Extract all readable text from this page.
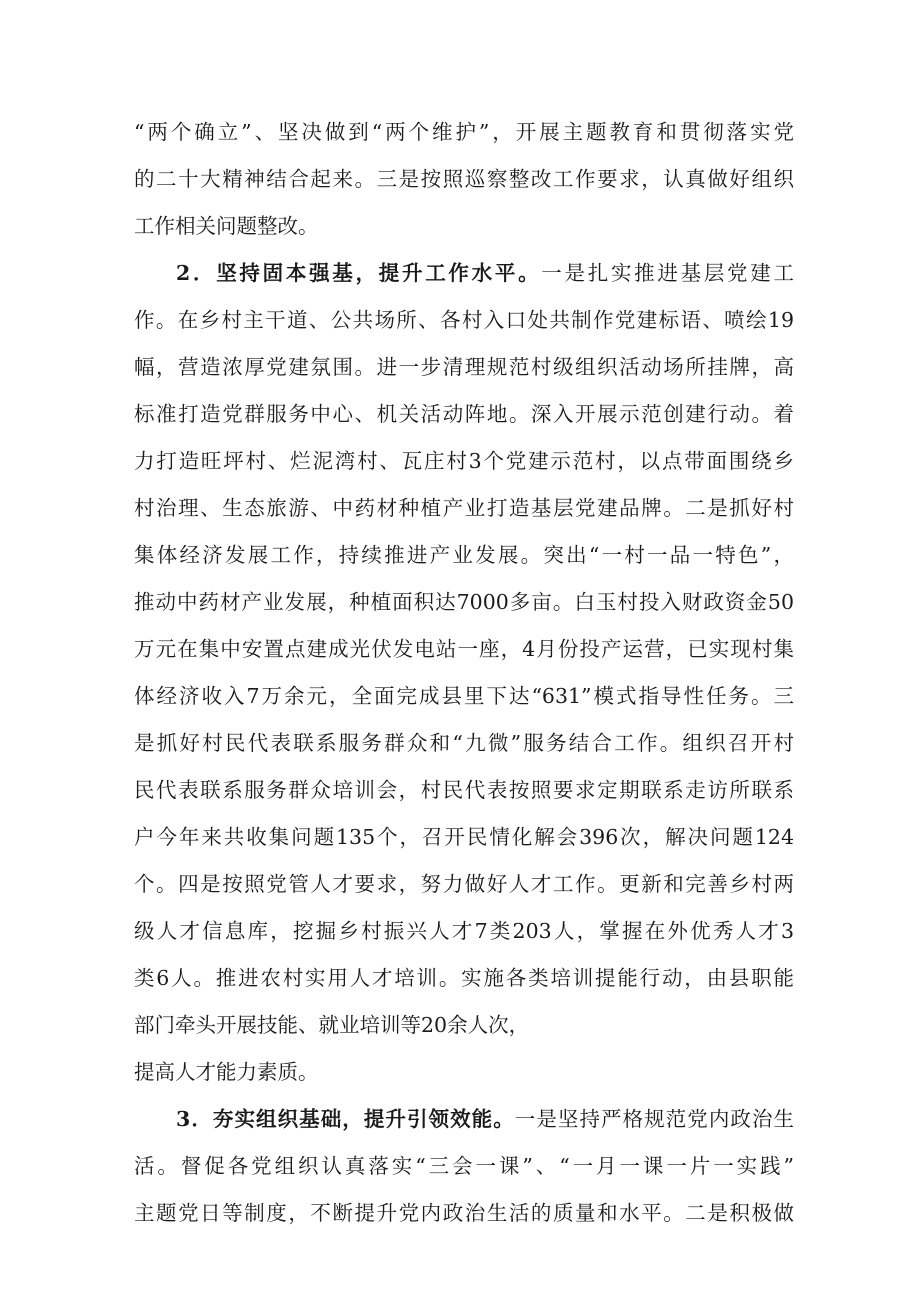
“两个确立”、坚决做到“两个维护”，开展主题教育和贯彻落实党
的二十大精神结合起来。三是按照巡察整改工作要求，认真做好组织
工作相关问题整改。
2．坚持固本强基，提升工作水平。一是扎实推进基层党建工
作。在乡村主干道、公共场所、各村入口处共制作党建标语、喷绘19
幅，营造浓厚党建氛围。进一步清理规范村级组织活动场所挂牌，高
标准打造党群服务中心、机关活动阵地。深入开展示范创建行动。着
力打造旺坪村、烂泥湾村、瓦庄村3个党建示范村，以点带面围绕乡
村治理、生态旅游、中药材种植产业打造基层党建品牌。二是抓好村
集体经济发展工作，持续推进产业发展。突出“一村一品一特色”，
推动中药材产业发展，种植面积达7000多亩。白玉村投入财政资金50
万元在集中安置点建成光伏发电站一座，4月份投产运营，已实现村集
体经济收入7万余元，全面完成县里下达“631”模式指导性任务。三
是抓好村民代表联系服务群众和“九微”服务结合工作。组织召开村
民代表联系服务群众培训会，村民代表按照要求定期联系走访所联系
户今年来共收集问题135个，召开民情化解会396次，解决问题124
个。四是按照党管人才要求，努力做好人才工作。更新和完善乡村两
级人才信息库，挖掘乡村振兴人才7类203人，掌握在外优秀人才3
类6人。推进农村实用人才培训。实施各类培训提能行动，由县职能
部门牵头开展技能、就业培训等20余人次，
提高人才能力素质。
3．夯实组织基础，提升引领效能。一是坚持严格规范党内政治生
活。督促各党组织认真落实“三会一课”、“一月一课一片一实践”
主题党日等制度，不断提升党内政治生活的质量和水平。二是积极做
